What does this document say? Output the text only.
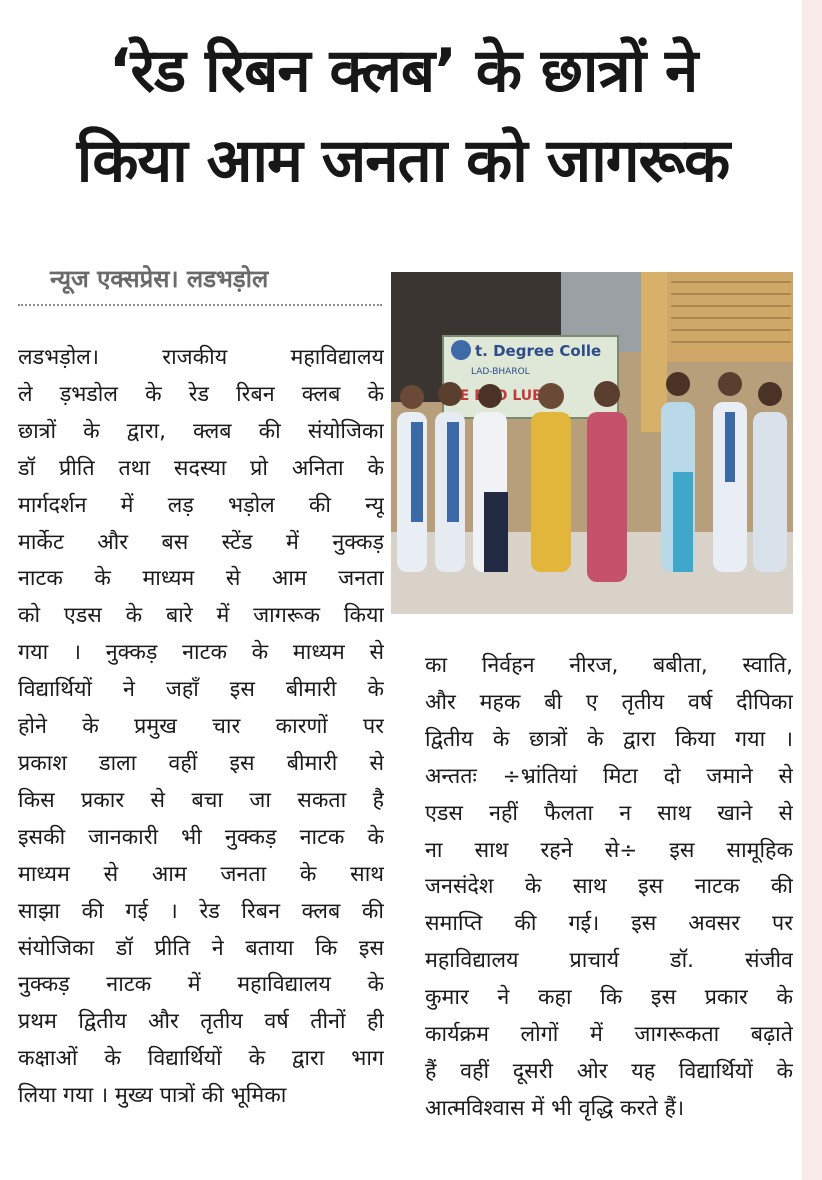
‘रेड रिबन क्लब’ के छात्रों ने
किया आम जनता को जागरूक
न्यूज एक्सप्रेस। लडभड़ोल
t. Degree Colle
LAD-BHAROL
LUB
लडभड़ोल। राजकीय महाविद्यालय
ले ड़भडोल के रेड रिबन क्लब के
छात्रों के द्वारा, क्लब की संयोजिका
डॉ प्रीति तथा सदस्या प्रो अनिता के
मार्गदर्शन में लड़ भड़ोल की न्यू
मार्केट और बस स्टेंड में नुक्कड़
नाटक के माध्यम से आम जनता
को एडस के बारे में जागरूक किया
गया । नुक्कड़ नाटक के माध्यम से
विद्यार्थियों ने जहाँ इस बीमारी के
होने के प्रमुख चार कारणों पर
प्रकाश डाला वहीं इस बीमारी से
किस प्रकार से बचा जा सकता है
इसकी जानकारी भी नुक्कड़ नाटक के
माध्यम से आम जनता के साथ
साझा की गई । रेड रिबन क्लब की
संयोजिका डॉ प्रीति ने बताया कि इस
नुक्कड़ नाटक में महाविद्यालय के
प्रथम द्वितीय और तृतीय वर्ष तीनों ही
कक्षाओं के विद्यार्थियों के द्वारा भाग
लिया गया । मुख्य पात्रों की भूमिका
का निर्वहन नीरज, बबीता, स्वाति,
और महक बी ए तृतीय वर्ष दीपिका
द्वितीय के छात्रों के द्वारा किया गया ।
अन्ततः ÷भ्रांतियां मिटा दो जमाने से
एडस नहीं फैलता न साथ खाने से
ना साथ रहने से÷ इस सामूहिक
जनसंदेश के साथ इस नाटक की
समाप्ति की गई। इस अवसर पर
महाविद्यालय प्राचार्य डॉ. संजीव
कुमार ने कहा कि इस प्रकार के
कार्यक्रम लोगों में जागरूकता बढ़ाते
हैं वहीं दूसरी ओर यह विद्यार्थियों के
आत्मविश्वास में भी वृद्धि करते हैं।
